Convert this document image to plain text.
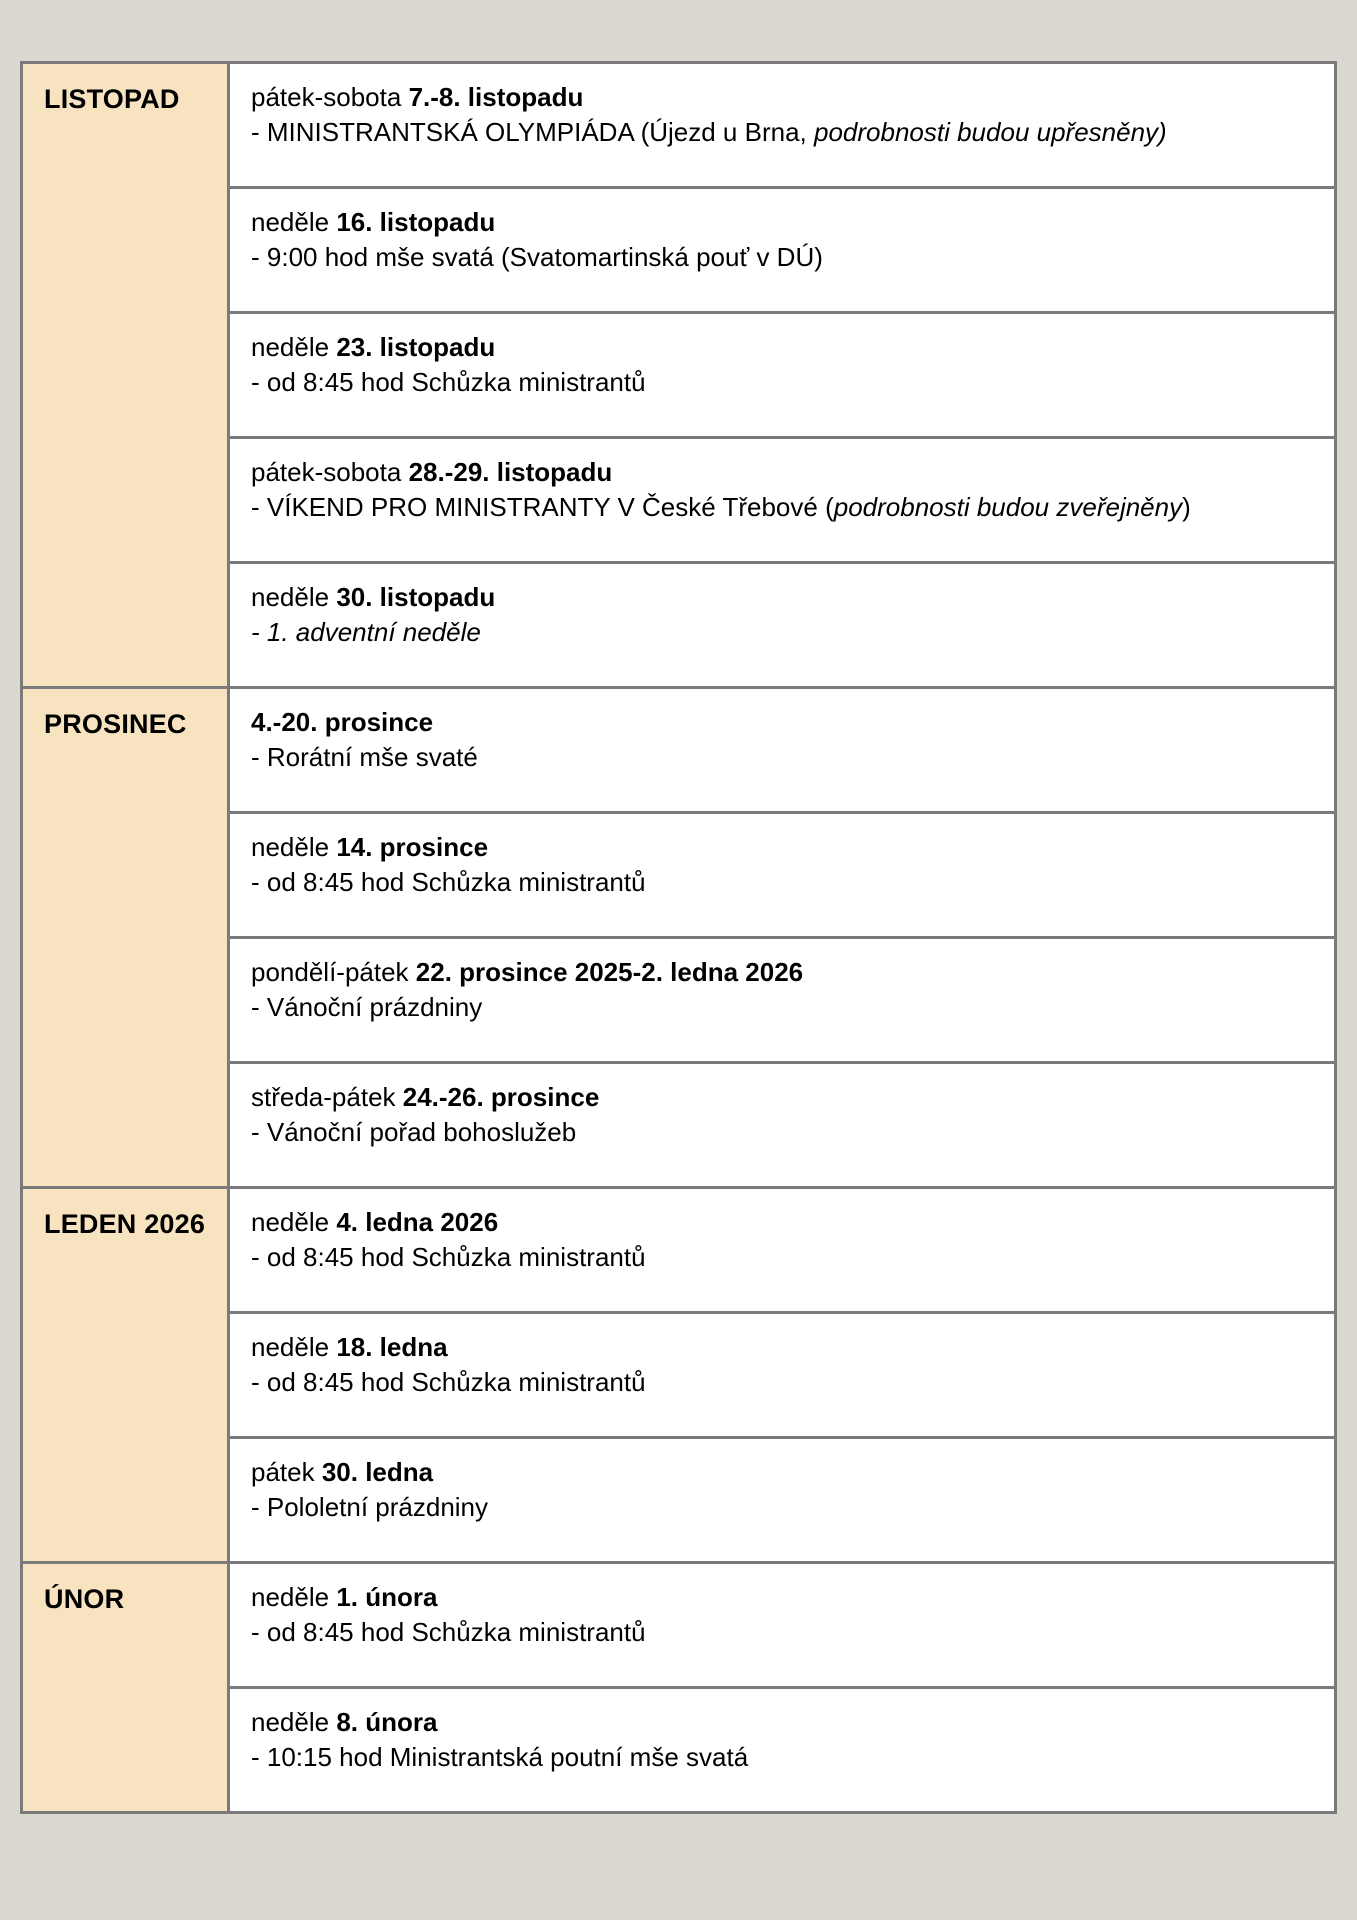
LISTOPAD	pátek-sobota 7.-8. listopadu
- MINISTRANTSKÁ OLYMPIÁDA (Újezd u Brna, podrobnosti budou upřesněny)

	neděle 16. listopadu
- 9:00 hod mše svatá (Svatomartinská pouť v DÚ)

	neděle 23. listopadu
- od 8:45 hod Schůzka ministrantů

	pátek-sobota 28.-29. listopadu
- VÍKEND PRO MINISTRANTY V České Třebové (podrobnosti budou zveřejněny)

	neděle 30. listopadu
- 1. adventní neděle

PROSINEC	4.-20. prosince
- Rorátní mše svaté

	neděle 14. prosince
- od 8:45 hod Schůzka ministrantů

	pondělí-pátek 22. prosince 2025-2. ledna 2026
- Vánoční prázdniny

	středa-pátek 24.-26. prosince
- Vánoční pořad bohoslužeb

LEDEN 2026	neděle 4. ledna 2026
- od 8:45 hod Schůzka ministrantů

	neděle 18. ledna
- od 8:45 hod Schůzka ministrantů

	pátek 30. ledna
- Pololetní prázdniny

ÚNOR	neděle 1. února
- od 8:45 hod Schůzka ministrantů

	neděle 8. února
- 10:15 hod Ministrantská poutní mše svatá
